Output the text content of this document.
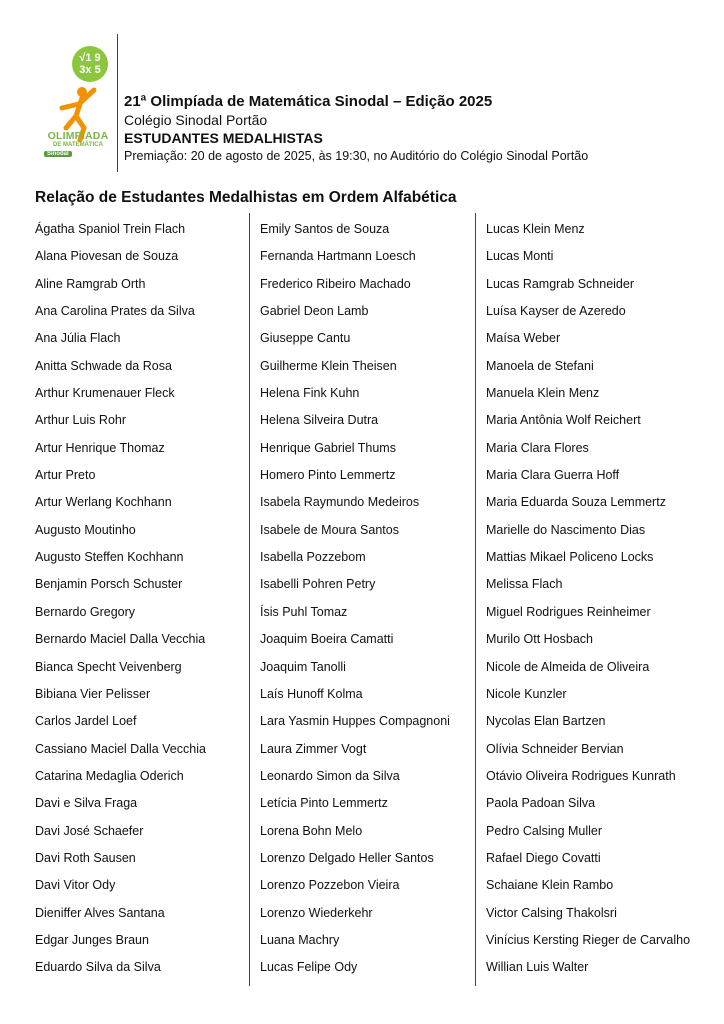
√1 9
3x 5
OLIMPÍADA
DE MATEMÁTICA
Sinodal

21ª Olimpíada de Matemática Sinodal – Edição 2025

Colégio Sinodal Portão

ESTUDANTES MEDALHISTAS

Premiação: 20 de agosto de 2025, às 19:30, no Auditório do Colégio Sinodal Portão

Relação de Estudantes Medalhistas em Ordem Alfabética
Ágatha Spaniol Trein Flach
Alana Piovesan de Souza
Aline Ramgrab Orth
Ana Carolina Prates da Silva
Ana Júlia Flach
Anitta Schwade da Rosa
Arthur Krumenauer Fleck
Arthur Luis Rohr
Artur Henrique Thomaz
Artur Preto
Artur Werlang Kochhann
Augusto Moutinho
Augusto Steffen Kochhann
Benjamin Porsch Schuster
Bernardo Gregory
Bernardo Maciel Dalla Vecchia
Bianca Specht Veivenberg
Bibiana Vier Pelisser
Carlos Jardel Loef
Cassiano Maciel Dalla Vecchia
Catarina Medaglia Oderich
Davi e Silva Fraga
Davi José Schaefer
Davi Roth Sausen
Davi Vitor Ody
Dieniffer Alves Santana
Edgar Junges Braun
Eduardo Silva da Silva
Emily Santos de Souza
Fernanda Hartmann Loesch
Frederico Ribeiro Machado
Gabriel Deon Lamb
Giuseppe Cantu
Guilherme Klein Theisen
Helena Fink Kuhn
Helena Silveira Dutra
Henrique Gabriel Thums
Homero Pinto Lemmertz
Isabela Raymundo Medeiros
Isabele de Moura Santos
Isabella Pozzebom
Isabelli Pohren Petry
Ísis Puhl Tomaz
Joaquim Boeira Camatti
Joaquim Tanolli
Laís Hunoff Kolma
Lara Yasmin Huppes Compagnoni
Laura Zimmer Vogt
Leonardo Simon da Silva
Letícia Pinto Lemmertz
Lorena Bohn Melo
Lorenzo Delgado Heller Santos
Lorenzo Pozzebon Vieira
Lorenzo Wiederkehr
Luana Machry
Lucas Felipe Ody
Lucas Klein Menz
Lucas Monti
Lucas Ramgrab Schneider
Luísa Kayser de Azeredo
Maísa Weber
Manoela de Stefani
Manuela Klein Menz
Maria Antônia Wolf Reichert
Maria Clara Flores
Maria Clara Guerra Hoff
Maria Eduarda Souza Lemmertz
Marielle do Nascimento Dias
Mattias Mikael Policeno Locks
Melissa Flach
Miguel Rodrigues Reinheimer
Murilo Ott Hosbach
Nicole de Almeida de Oliveira
Nicole Kunzler
Nycolas Elan Bartzen
Olívia Schneider Bervian
Otávio Oliveira Rodrigues Kunrath
Paola Padoan Silva
Pedro Calsing Muller
Rafael Diego Covatti
Schaiane Klein Rambo
Victor Calsing Thakolsri
Vinícius Kersting Rieger de Carvalho
Willian Luis Walter
